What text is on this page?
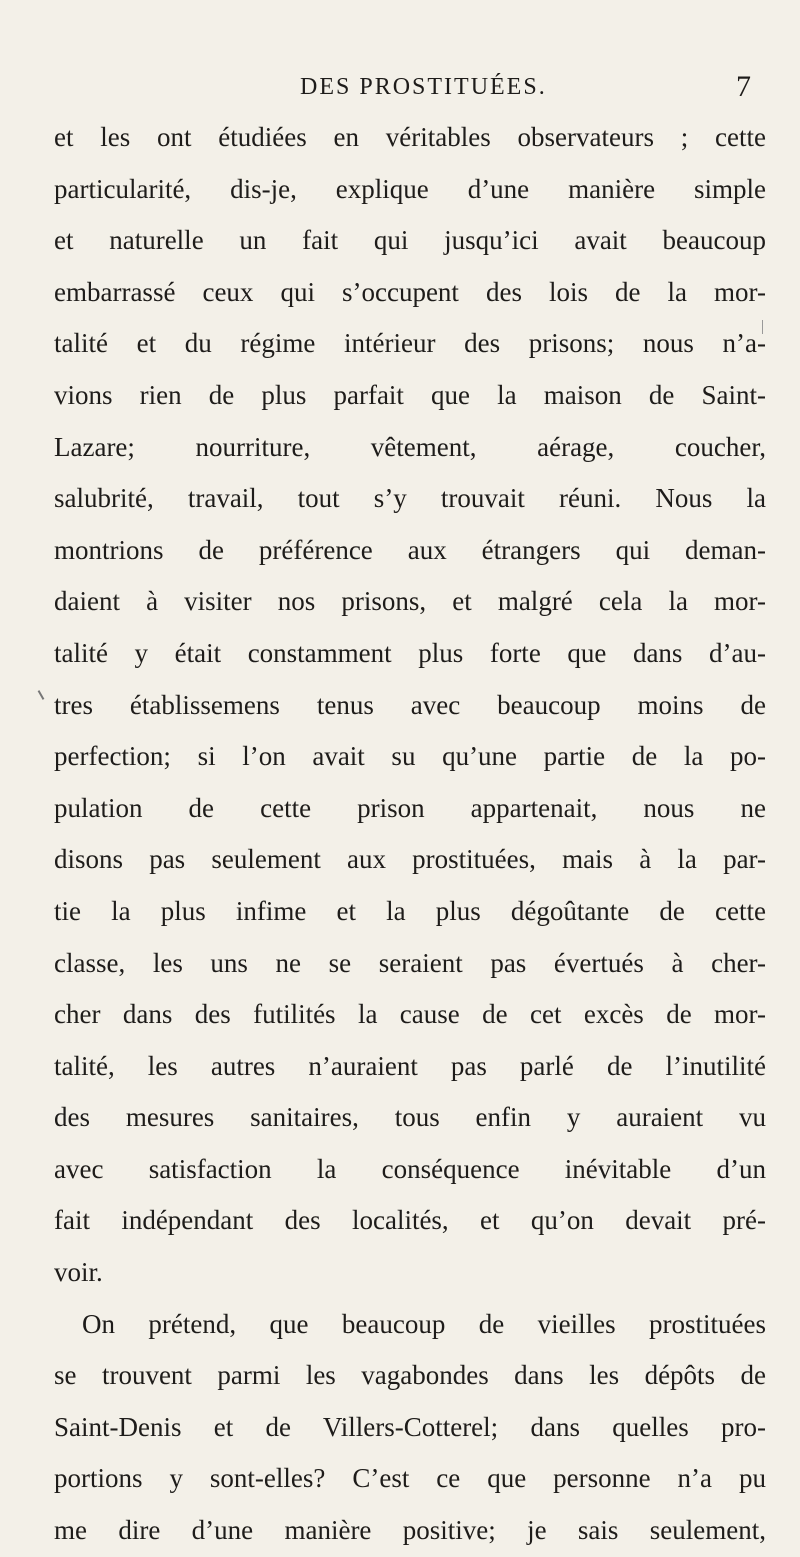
DES PROSTITUÉES.	7
et les ont étudiées en véritables observateurs ; cette
particularité, dis-je, explique d’une manière simple
et naturelle un fait qui jusqu’ici avait beaucoup
embarrassé ceux qui s’occupent des lois de la mor-
talité et du régime intérieur des prisons; nous n’a-
vions rien de plus parfait que la maison de Saint-
Lazare; nourriture, vêtement, aérage, coucher,
salubrité, travail, tout s’y trouvait réuni. Nous la
montrions de préférence aux étrangers qui deman-
daient à visiter nos prisons, et malgré cela la mor-
talité y était constamment plus forte que dans d’au-
tres établissemens tenus avec beaucoup moins de
perfection; si l’on avait su qu’une partie de la po-
pulation de cette prison appartenait, nous ne
disons pas seulement aux prostituées, mais à la par-
tie la plus infime et la plus dégoûtante de cette
classe, les uns ne se seraient pas évertués à cher-
cher dans des futilités la cause de cet excès de mor-
talité, les autres n’auraient pas parlé de l’inutilité
des mesures sanitaires, tous enfin y auraient vu
avec satisfaction la conséquence inévitable d’un
fait indépendant des localités, et qu’on devait pré-
voir.
On prétend, que beaucoup de vieilles prostituées
se trouvent parmi les vagabondes dans les dépôts de
Saint-Denis et de Villers-Cotterel; dans quelles pro-
portions y sont-elles? C’est ce que personne n’a pu
me dire d’une manière positive; je sais seulement,
